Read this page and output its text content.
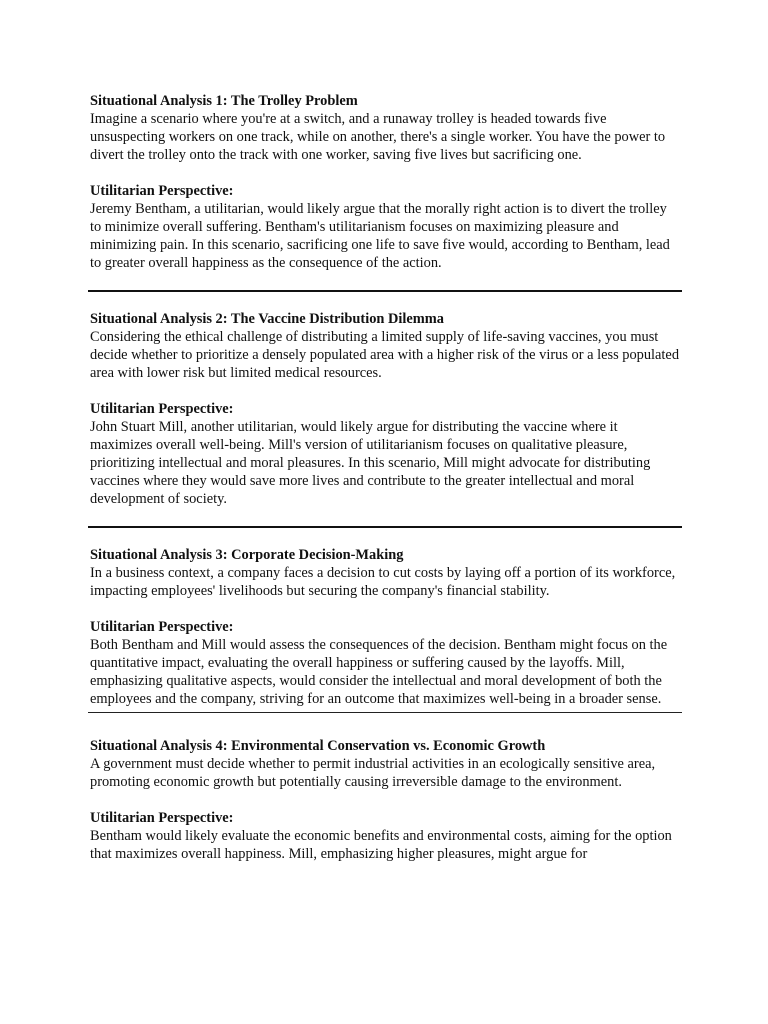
Situational Analysis 1: The Trolley Problem

Imagine a scenario where you're at a switch, and a runaway trolley is headed towards five unsuspecting workers on one track, while on another, there's a single worker. You have the power to divert the trolley onto the track with one worker, saving five lives but sacrificing one.

Utilitarian Perspective:

Jeremy Bentham, a utilitarian, would likely argue that the morally right action is to divert the trolley to minimize overall suffering. Bentham's utilitarianism focuses on maximizing pleasure and minimizing pain. In this scenario, sacrificing one life to save five would, according to Bentham, lead to greater overall happiness as the consequence of the action.

Situational Analysis 2: The Vaccine Distribution Dilemma

Considering the ethical challenge of distributing a limited supply of life-saving vaccines, you must decide whether to prioritize a densely populated area with a higher risk of the virus or a less populated area with lower risk but limited medical resources.

Utilitarian Perspective:

John Stuart Mill, another utilitarian, would likely argue for distributing the vaccine where it maximizes overall well-being. Mill's version of utilitarianism focuses on qualitative pleasure, prioritizing intellectual and moral pleasures. In this scenario, Mill might advocate for distributing vaccines where they would save more lives and contribute to the greater intellectual and moral development of society.

Situational Analysis 3: Corporate Decision-Making

In a business context, a company faces a decision to cut costs by laying off a portion of its workforce, impacting employees' livelihoods but securing the company's financial stability.

Utilitarian Perspective:

Both Bentham and Mill would assess the consequences of the decision. Bentham might focus on the quantitative impact, evaluating the overall happiness or suffering caused by the layoffs. Mill, emphasizing qualitative aspects, would consider the intellectual and moral development of both the employees and the company, striving for an outcome that maximizes well-being in a broader sense.

Situational Analysis 4: Environmental Conservation vs. Economic Growth

A government must decide whether to permit industrial activities in an ecologically sensitive area, promoting economic growth but potentially causing irreversible damage to the environment.

Utilitarian Perspective:

Bentham would likely evaluate the economic benefits and environmental costs, aiming for the option that maximizes overall happiness. Mill, emphasizing higher pleasures, might argue for
